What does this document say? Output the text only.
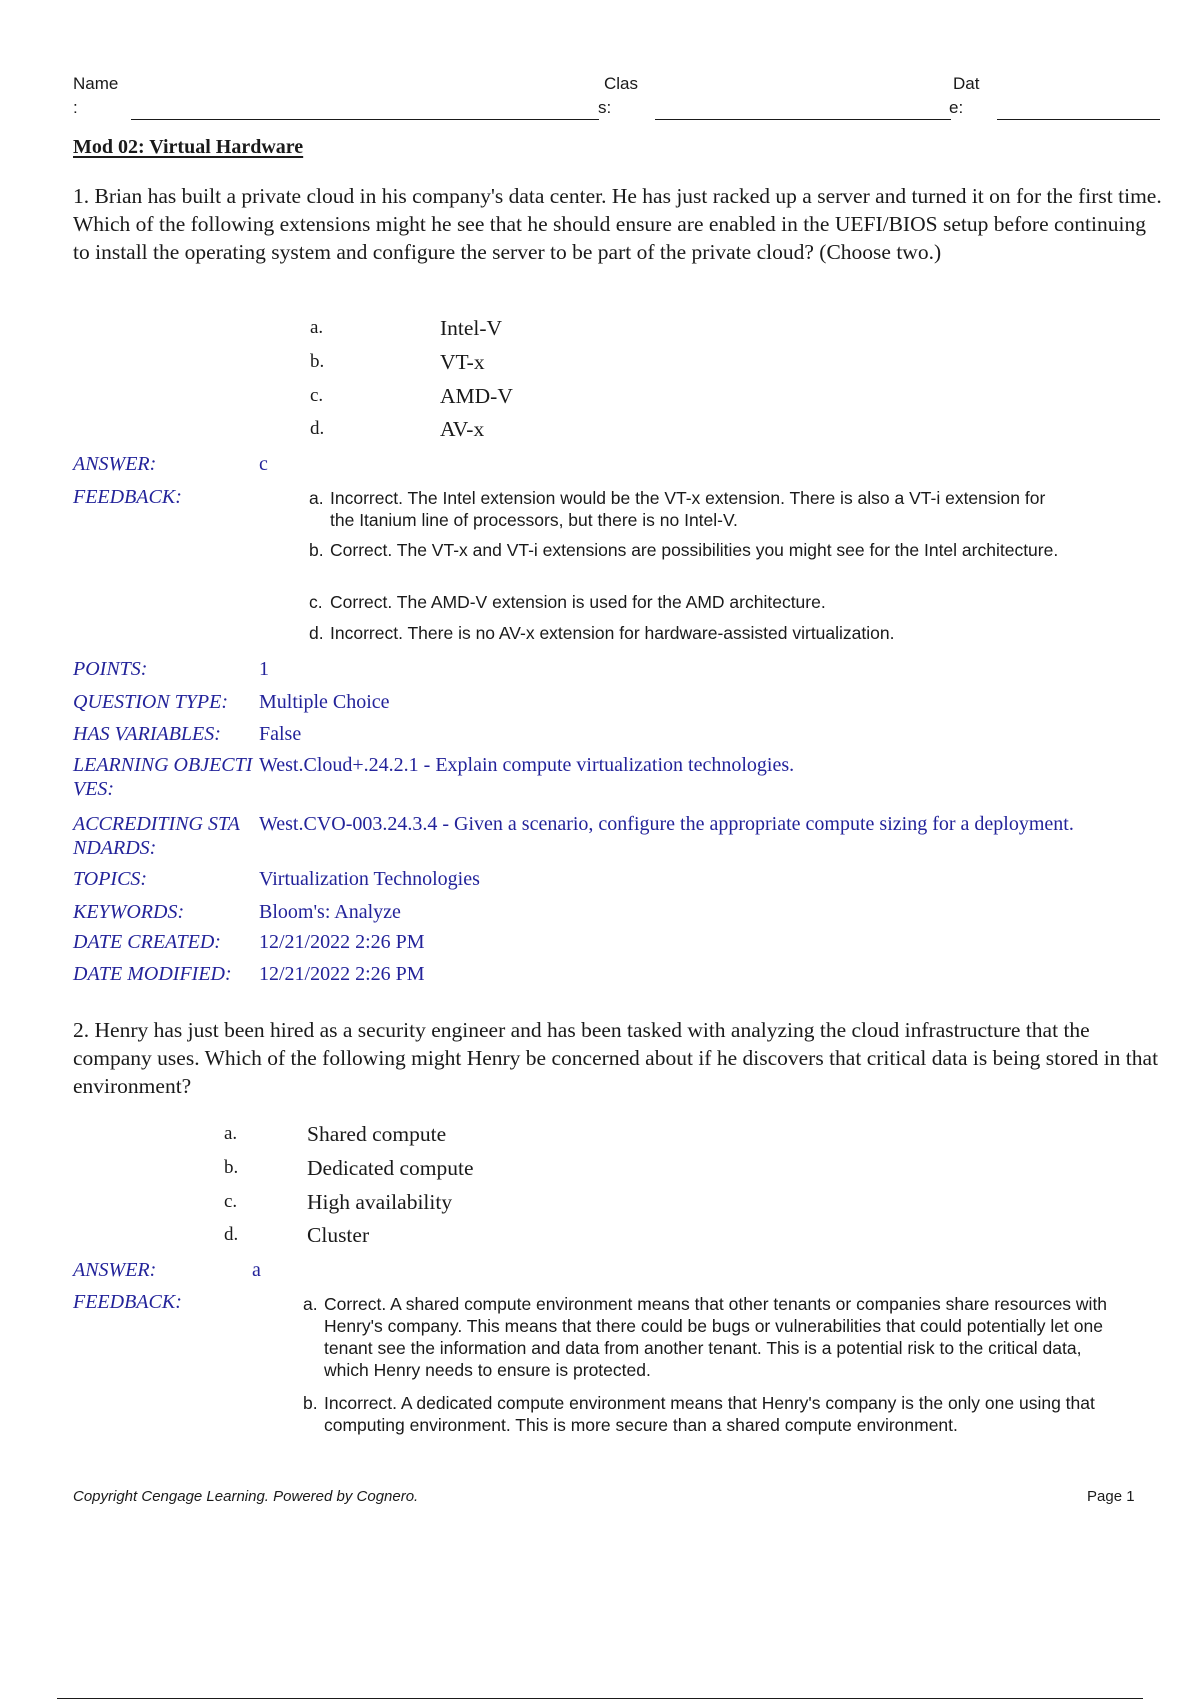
Name
:
Clas
s:
Dat
e:
Mod 02: Virtual Hardware
1. Brian has built a private cloud in his company's data center. He has just racked up a server and turned it on for the first time. Which of the following extensions might he see that he should ensure are enabled in the UEFI/BIOS setup before continuing to install the operating system and configure the server to be part of the private cloud? (Choose two.)
a.	Intel-V
b.	VT-x
c.	AMD-V
d.	AV-x
ANSWER:	c
FEEDBACK:	a. Incorrect. The Intel extension would be the VT-x extension. There is also a VT-i extension for the Itanium line of processors, but there is no Intel-V.
b. Correct. The VT-x and VT-i extensions are possibilities you might see for the Intel architecture.
c. Correct. The AMD-V extension is used for the AMD architecture.
d. Incorrect. There is no AV-x extension for hardware-assisted virtualization.
POINTS:	1
QUESTION TYPE:	Multiple Choice
HAS VARIABLES:	False
LEARNING OBJECTIVES:
West.Cloud+.24.2.1 - Explain compute virtualization technologies.
ACCREDITING STANDARDS:
West.CVO-003.24.3.4 - Given a scenario, configure the appropriate compute sizing for a deployment.
TOPICS:	Virtualization Technologies
KEYWORDS:	Bloom's: Analyze
DATE CREATED:	12/21/2022 2:26 PM
DATE MODIFIED:	12/21/2022 2:26 PM
2. Henry has just been hired as a security engineer and has been tasked with analyzing the cloud infrastructure that the company uses. Which of the following might Henry be concerned about if he discovers that critical data is being stored in that environment?
a.	Shared compute
b.	Dedicated compute
c.	High availability
d.	Cluster
ANSWER:	a
FEEDBACK:	a. Correct. A shared compute environment means that other tenants or companies share resources with Henry's company. This means that there could be bugs or vulnerabilities that could potentially let one tenant see the information and data from another tenant. This is a potential risk to the critical data, which Henry needs to ensure is protected.
b. Incorrect. A dedicated compute environment means that Henry's company is the only one using that computing environment. This is more secure than a shared compute environment.
Copyright Cengage Learning. Powered by Cognero.	Page 1
